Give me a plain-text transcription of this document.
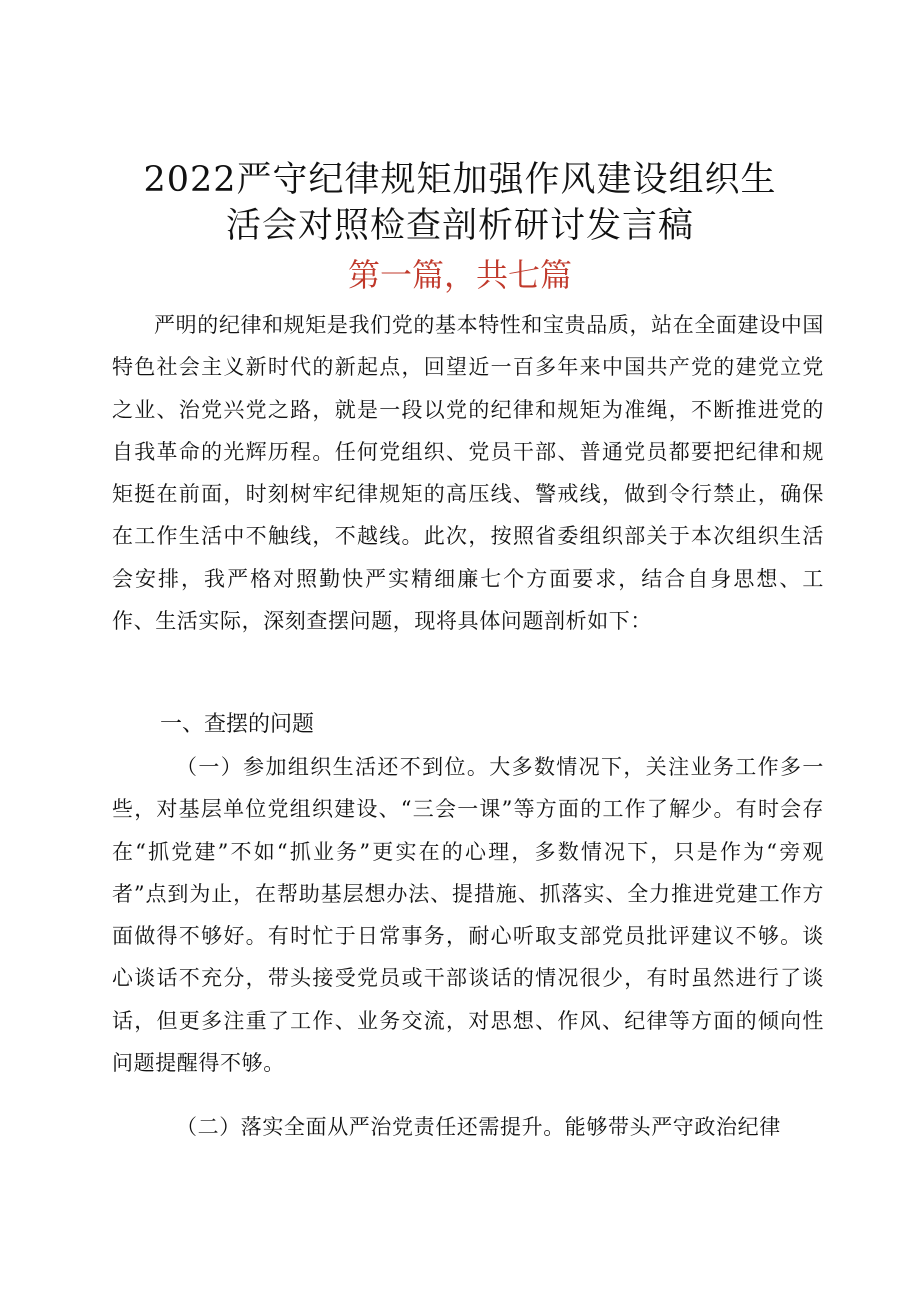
2022严守纪律规矩加强作风建设组织生
活会对照检查剖析研讨发言稿
第一篇，共七篇

严明的纪律和规矩是我们党的基本特性和宝贵品质，站在全面建设中国特色社会主义新时代的新起点，回望近一百多年来中国共产党的建党立党之业、治党兴党之路，就是一段以党的纪律和规矩为准绳，不断推进党的自我革命的光辉历程。任何党组织、党员干部、普通党员都要把纪律和规矩挺在前面，时刻树牢纪律规矩的高压线、警戒线，做到令行禁止，确保在工作生活中不触线，不越线。此次，按照省委组织部关于本次组织生活会安排，我严格对照勤快严实精细廉七个方面要求，结合自身思想、工作、生活实际，深刻查摆问题，现将具体问题剖析如下：

一、查摆的问题

（一）参加组织生活还不到位。大多数情况下，关注业务工作多一些，对基层单位党组织建设、“三会一课”等方面的工作了解少。有时会存在“抓党建”不如“抓业务”更实在的心理，多数情况下，只是作为“旁观者”点到为止，在帮助基层想办法、提措施、抓落实、全力推进党建工作方面做得不够好。有时忙于日常事务，耐心听取支部党员批评建议不够。谈心谈话不充分，带头接受党员或干部谈话的情况很少，有时虽然进行了谈话，但更多注重了工作、业务交流，对思想、作风、纪律等方面的倾向性问题提醒得不够。

（二）落实全面从严治党责任还需提升。能够带头严守政治纪律
